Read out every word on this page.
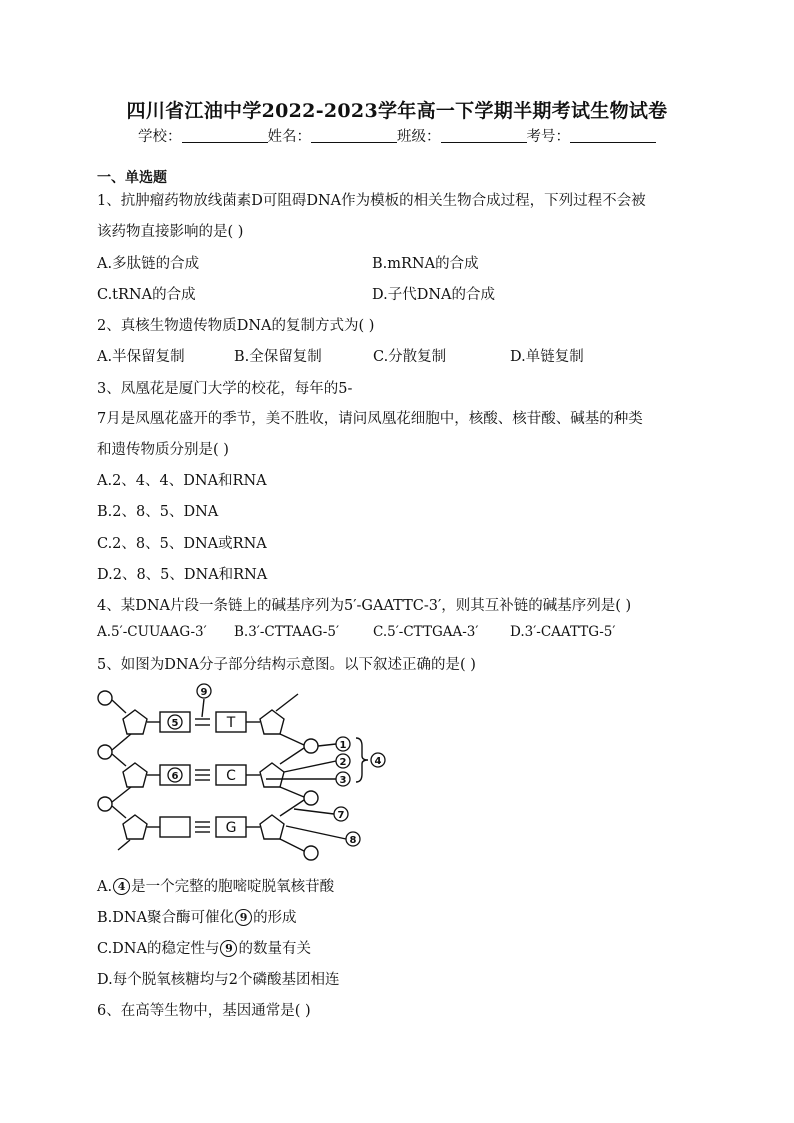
四川省江油中学2022-2023学年高一下学期半期考试生物试卷
学校：	姓名：	班级：	考号：
一、单选题
1、抗肿瘤药物放线菌素D可阻碍DNA作为模板的相关生物合成过程，下列过程不会被
该药物直接影响的是( )
A.多肽链的合成	B.mRNA的合成
C.tRNA的合成	D.子代DNA的合成
2、真核生物遗传物质DNA的复制方式为( )
A.半保留复制	B.全保留复制	C.分散复制	D.单链复制
3、凤凰花是厦门大学的校花，每年的5-
7月是凤凰花盛开的季节，美不胜收，请问凤凰花细胞中，核酸、核苷酸、碱基的种类
和遗传物质分别是( )
A.2、4、4、DNA和RNA
B.2、8、5、DNA
C.2、8、5、DNA或RNA
D.2、8、5、DNA和RNA
4、某DNA片段一条链上的碱基序列为5′-GAATTC-3′，则其互补链的碱基序列是( )
A.5′-CUUAAG-3′ B.3′-CTTAAG-5′	C.5′-CTTGAA-3′ D.3′-CAATTG-5′
5、如图为DNA分子部分结构示意图。以下叙述正确的是( )
T
C
G
5
6
9
1
2
3
4
7
8
A. 4 是一个完整的胞嘧啶脱氧核苷酸
B.DNA聚合酶可催化 9 的形成
C.DNA的稳定性与 9 的数量有关
D.每个脱氧核糖均与2个磷酸基团相连
6、在高等生物中，基因通常是( )
